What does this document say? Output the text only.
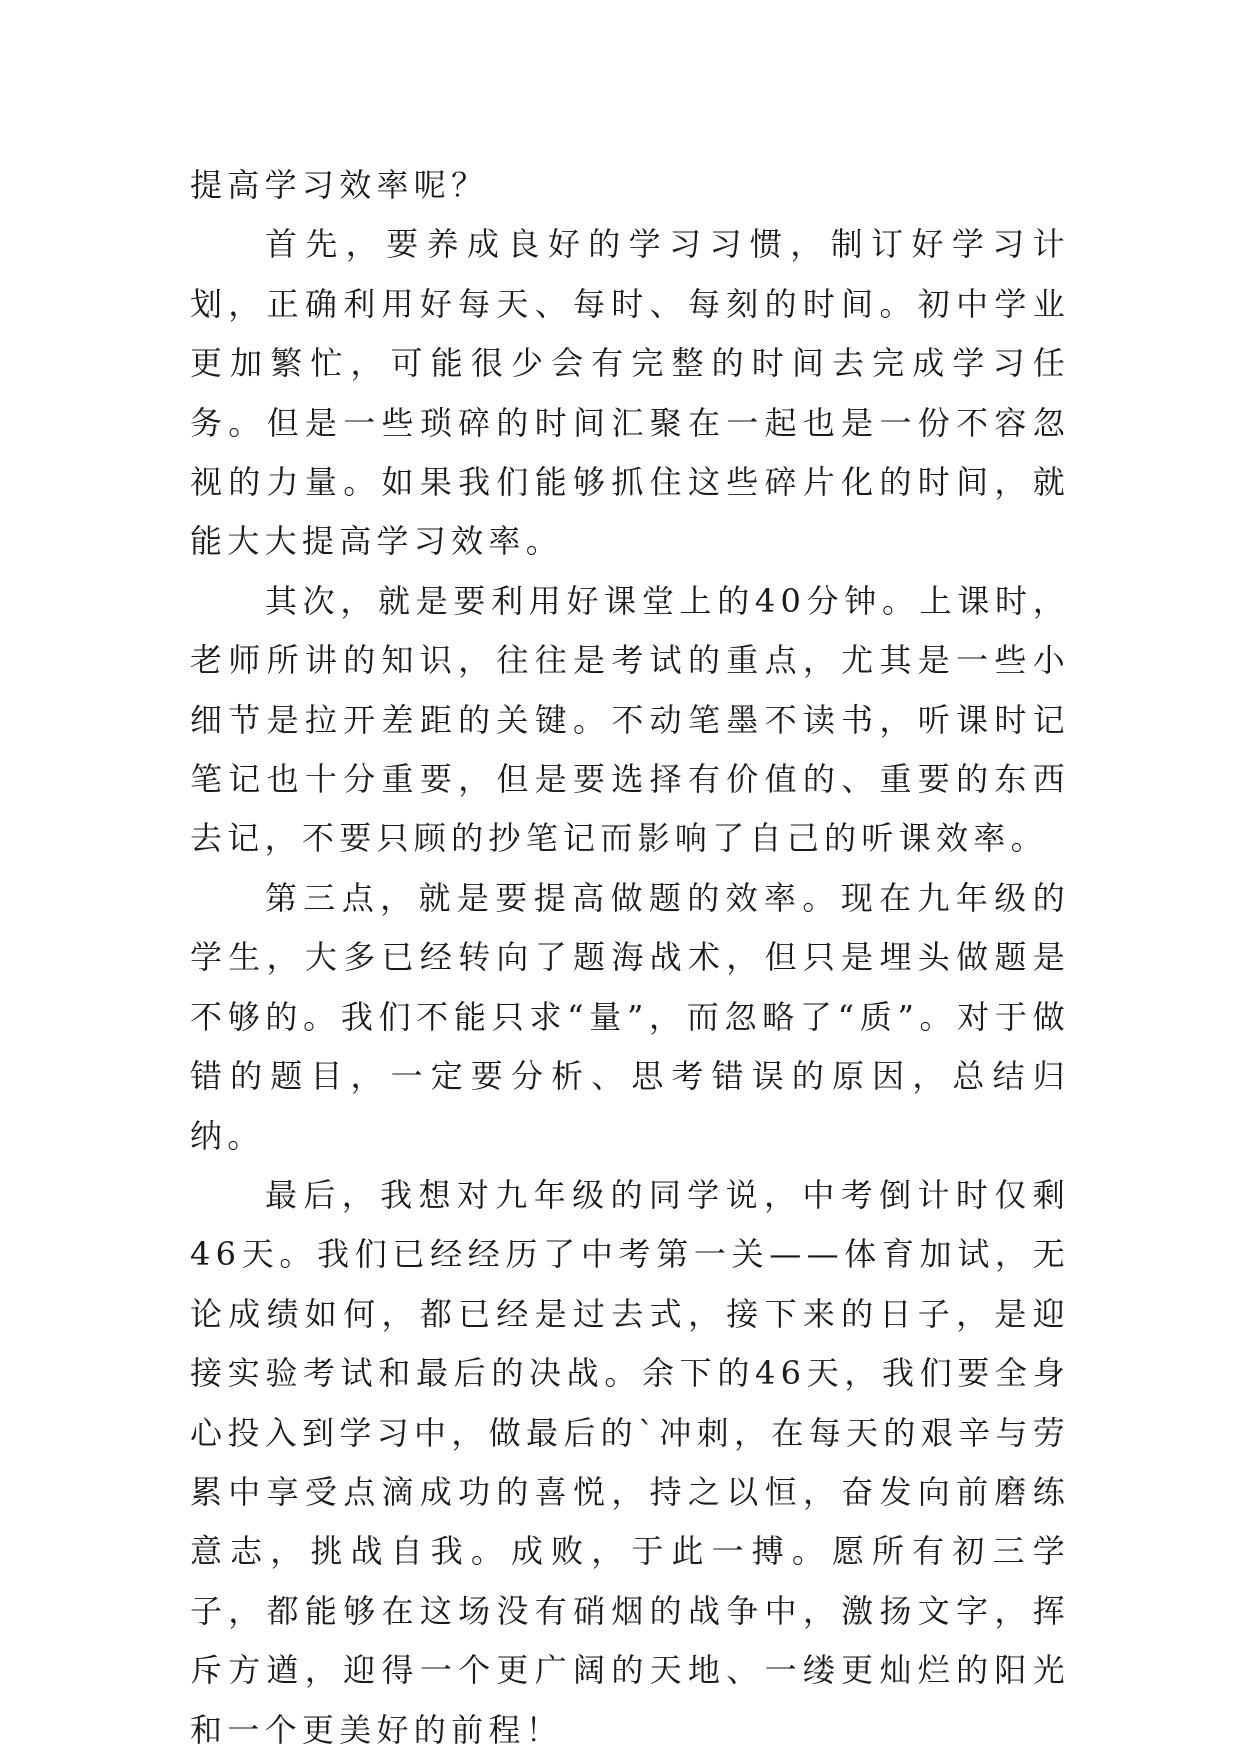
提高学习效率呢？

首先，要养成良好的学习习惯，制订好学习计划，正确利用好每天、每时、每刻的时间。初中学业更加繁忙，可能很少会有完整的时间去完成学习任务。但是一些琐碎的时间汇聚在一起也是一份不容忽视的力量。如果我们能够抓住这些碎片化的时间，就能大大提高学习效率。

其次，就是要利用好课堂上的40分钟。上课时，老师所讲的知识，往往是考试的重点，尤其是一些小细节是拉开差距的关键。不动笔墨不读书，听课时记笔记也十分重要，但是要选择有价值的、重要的东西去记，不要只顾的抄笔记而影响了自己的听课效率。

第三点，就是要提高做题的效率。现在九年级的学生，大多已经转向了题海战术，但只是埋头做题是不够的。我们不能只求“量”，而忽略了“质”。对于做错的题目，一定要分析、思考错误的原因，总结归纳。

最后，我想对九年级的同学说，中考倒计时仅剩46天。我们已经经历了中考第一关——体育加试，无论成绩如何，都已经是过去式，接下来的日子，是迎接实验考试和最后的决战。余下的46天，我们要全身心投入到学习中，做最后的`冲刺，在每天的艰辛与劳累中享受点滴成功的喜悦，持之以恒，奋发向前磨练意志，挑战自我。成败，于此一搏。愿所有初三学子，都能够在这场没有硝烟的战争中，激扬文字，挥斥方遒，迎得一个更广阔的天地、一缕更灿烂的阳光和一个更美好的前程！
